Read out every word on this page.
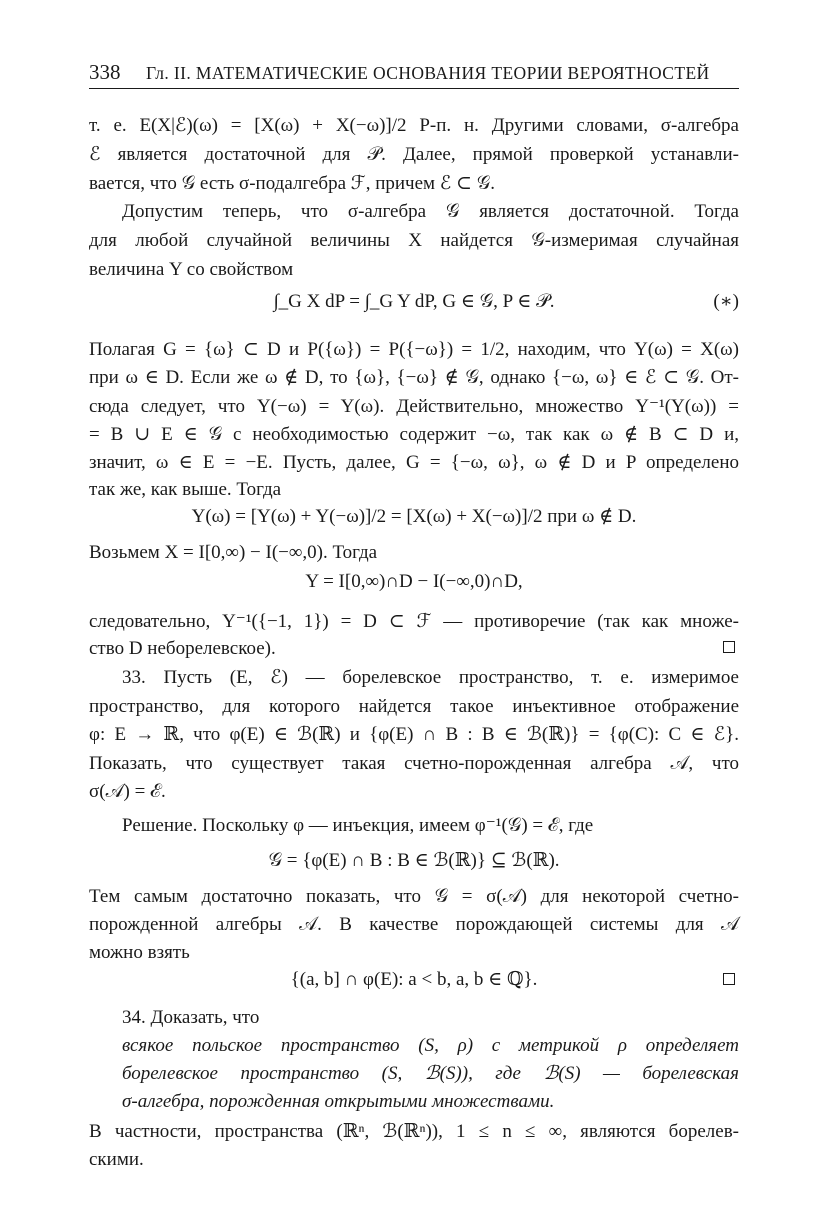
338 Гл. II. МАТЕМАТИЧЕСКИЕ ОСНОВАНИЯ ТЕОРИИ ВЕРОЯТНОСТЕЙ
т. е. E(X|ℰ)(ω) = [X(ω) + X(−ω)]/2 P-п. н. Другими словами, σ-алгебра
ℰ является достаточной для 𝒫. Далее, прямой проверкой устанавли-
вается, что 𝒢 есть σ-подалгебра ℱ, причем ℰ ⊂ 𝒢.
Допустим теперь, что σ-алгебра 𝒢 является достаточной. Тогда
для любой случайной величины X найдется 𝒢-измеримая случайная
величина Y со свойством
∫_G X dP = ∫_G Y dP, G ∈ 𝒢, P ∈ 𝒫.	(∗)
Полагая G = {ω} ⊂ D и P({ω}) = P({−ω}) = 1/2, находим, что Y(ω) = X(ω)
при ω ∈ D. Если же ω ∉ D, то {ω}, {−ω} ∉ 𝒢, однако {−ω, ω} ∈ ℰ ⊂ 𝒢. От-
сюда следует, что Y(−ω) = Y(ω). Действительно, множество Y⁻¹(Y(ω)) =
= B ∪ E ∈ 𝒢 с необходимостью содержит −ω, так как ω ∉ B ⊂ D и,
значит, ω ∈ E = −E. Пусть, далее, G = {−ω, ω}, ω ∉ D и P определено
так же, как выше. Тогда
Y(ω) = [Y(ω) + Y(−ω)]/2 = [X(ω) + X(−ω)]/2 при ω ∉ D.
Возьмем X = I[0,∞) − I(−∞,0). Тогда
Y = I[0,∞)∩D − I(−∞,0)∩D,
следовательно, Y⁻¹({−1, 1}) = D ⊂ ℱ — противоречие (так как множе-
ство D неборелевское).
33. Пусть (E, ℰ) — борелевское пространство, т. е. измеримое
пространство, для которого найдется такое инъективное отображение
φ: E → ℝ, что φ(E) ∈ ℬ(ℝ) и {φ(E) ∩ B : B ∈ ℬ(ℝ)} = {φ(C): C ∈ ℰ}.
Показать, что существует такая счетно-порожденная алгебра 𝒜, что
σ(𝒜) = ℰ.
Решение. Поскольку φ — инъекция, имеем φ⁻¹(𝒢) = ℰ, где
𝒢 = {φ(E) ∩ B : B ∈ ℬ(ℝ)} ⊆ ℬ(ℝ).
Тем самым достаточно показать, что 𝒢 = σ(𝒜) для некоторой счетно-
порожденной алгебры 𝒜. В качестве порождающей системы для 𝒜
можно взять
{(a, b] ∩ φ(E): a < b, a, b ∈ ℚ}.
34. Доказать, что
всякое польское пространство (S, ρ) с метрикой ρ определяет
борелевское пространство (S, ℬ(S)), где ℬ(S) — борелевская
σ-алгебра, порожденная открытыми множествами.
В частности, пространства (ℝⁿ, ℬ(ℝⁿ)), 1 ≤ n ≤ ∞, являются борелев-
скими.
